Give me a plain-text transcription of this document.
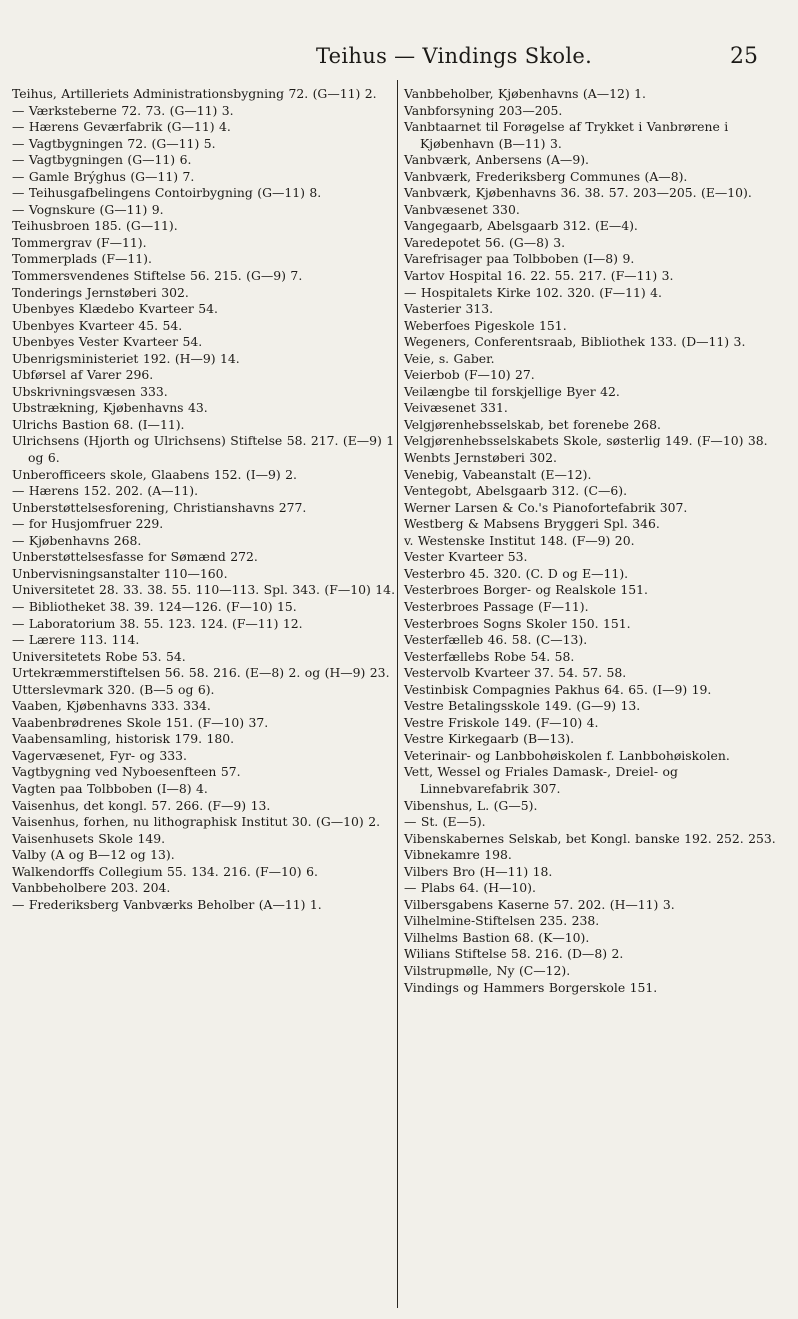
Teihus — Vindings Skole.	25
Teihus, Artilleriets Administrationsbygning 72. (G—11) 2.
— Værksteberne 72. 73. (G—11) 3.
— Hærens Geværfabrik (G—11) 4.
— Vagtbygningen 72. (G—11) 5.
— Vagtbygningen (G—11) 6.
— Gamle Brýghus (G—11) 7.
— Teihusgafbelingens Contoirbygning (G—11) 8.
— Vognskure (G—11) 9.
Teihusbroen 185. (G—11).
Tommergrav (F—11).
Tommerplads (F—11).
Tommersvendenes Stiftelse 56. 215. (G—9) 7.
Tonderings Jernstøberi 302.
Ubenbyes Klædebo Kvarteer 54.
Ubenbyes Kvarteer 45. 54.
Ubenbyes Vester Kvarteer 54.
Ubenrigsministeriet 192. (H—9) 14.
Ubførsel af Varer 296.
Ubskrivningsvæsen 333.
Ubstrækning, Kjøbenhavns 43.
Ulrichs Bastion 68. (I—11).
Ulrichsens (Hjorth og Ulrichsens) Stiftelse 58. 217. (E—9) 1 og 6.
Unberofficeers skole, Glaabens 152. (I—9) 2.
— Hærens 152. 202. (A—11).
Unberstøttelsesforening, Christianshavns 277.
— for Husjomfruer 229.
— Kjøbenhavns 268.
Unberstøttelsesfasse for Sømænd 272.
Unbervisningsanstalter 110—160.
Universitetet 28. 33. 38. 55. 110—113. Spl. 343. (F—10) 14.
— Bibliotheket 38. 39. 124—126. (F—10) 15.
— Laboratorium 38. 55. 123. 124. (F—11) 12.
— Lærere 113. 114.
Universitetets Robe 53. 54.
Urtekræmmerstiftelsen 56. 58. 216. (E—8) 2. og (H—9) 23.
Utterslevmark 320. (B—5 og 6).
Vaaben, Kjøbenhavns 333. 334.
Vaabenbrødrenes Skole 151. (F—10) 37.
Vaabensamling, historisk 179. 180.
Vagervæsenet, Fyr- og 333.
Vagtbygning ved Nyboesenfteen 57.
Vagten paa Tolbboben (I—8) 4.
Vaisenhus, det kongl. 57. 266. (F—9) 13.
Vaisenhus, forhen, nu lithographisk Institut 30. (G—10) 2.
Vaisenhusets Skole 149.
Valby (A og B—12 og 13).
Walkendorffs Collegium 55. 134. 216. (F—10) 6.
Vanbbeholbere 203. 204.
— Frederiksberg Vanbværks Beholber (A—11) 1.
Vanbbeholber, Kjøbenhavns (A—12) 1.
Vanbforsyning 203—205.
Vanbtaarnet til Forøgelse af Trykket i Vanbrørene i Kjøbenhavn (B—11) 3.
Vanbværk, Anbersens (A—9).
Vanbværk, Frederiksberg Communes (A—8).
Vanbværk, Kjøbenhavns 36. 38. 57. 203—205. (E—10).
Vanbvæsenet 330.
Vangegaarb, Abelsgaarb 312. (E—4).
Varedepotet 56. (G—8) 3.
Varefrisager paa Tolbboben (I—8) 9.
Vartov Hospital 16. 22. 55. 217. (F—11) 3.
— Hospitalets Kirke 102. 320. (F—11) 4.
Vasterier 313.
Weberfoes Pigeskole 151.
Wegeners, Conferentsraab, Bibliothek 133. (D—11) 3.
Veie, s. Gaber.
Veierbob (F—10) 27.
Veilængbe til forskjellige Byer 42.
Veivæsenet 331.
Velgjørenhebsselskab, bet forenebe 268.
Velgjørenhebsselskabets Skole, søsterlig 149. (F—10) 38.
Wenbts Jernstøberi 302.
Venebig, Vabeanstalt (E—12).
Ventegobt, Abelsgaarb 312. (C—6).
Werner Larsen & Co.'s Pianofortefabrik 307.
Westberg & Mabsens Bryggeri Spl. 346.
v. Westenske Institut 148. (F—9) 20.
Vester Kvarteer 53.
Vesterbro 45. 320. (C. D og E—11).
Vesterbroes Borger- og Realskole 151.
Vesterbroes Passage (F—11).
Vesterbroes Sogns Skoler 150. 151.
Vesterfælleb 46. 58. (C—13).
Vesterfællebs Robe 54. 58.
Vestervolb Kvarteer 37. 54. 57. 58.
Vestinbisk Compagnies Pakhus 64. 65. (I—9) 19.
Vestre Betalingsskole 149. (G—9) 13.
Vestre Friskole 149. (F—10) 4.
Vestre Kirkegaarb (B—13).
Veterinair- og Lanbbohøiskolen f. Lanbbohøiskolen.
Vett, Wessel og Friales Damask-, Dreiel- og Linnebvarefabrik 307.
Vibenshus, L. (G—5).
— St. (E—5).
Vibenskabernes Selskab, bet Kongl. banske 192. 252. 253.
Vibnekamre 198.
Vilbers Bro (H—11) 18.
— Plabs 64. (H—10).
Vilbersgabens Kaserne 57. 202. (H—11) 3.
Vilhelmine-Stiftelsen 235. 238.
Vilhelms Bastion 68. (K—10).
Wilians Stiftelse 58. 216. (D—8) 2.
Vilstrupmølle, Ny (C—12).
Vindings og Hammers Borgerskole 151.
